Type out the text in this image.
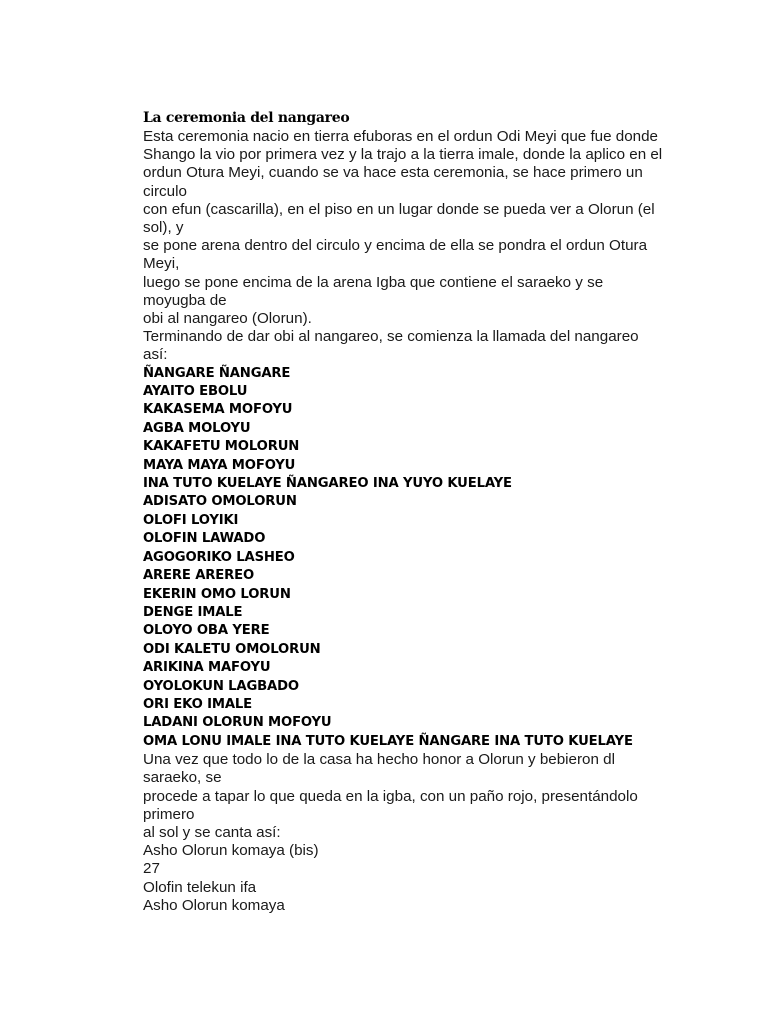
La ceremonia del nangareo

Esta ceremonia nacio en tierra efuboras en el ordun Odi Meyi que fue donde
Shango la vio por primera vez y la trajo a la tierra imale, donde la aplico en el
ordun Otura Meyi, cuando se va hace esta ceremonia, se hace primero un
circulo
con efun (cascarilla), en el piso en un lugar donde se pueda ver a Olorun (el
sol), y
se pone arena dentro del circulo y encima de ella se pondra el ordun Otura
Meyi,
luego se pone encima de la arena Igba que contiene el saraeko y se
moyugba de
obi al nangareo (Olorun).
Terminando de dar obi al nangareo, se comienza la llamada del nangareo
así:

ÑANGARE ÑANGARE
AYAITO EBOLU
KAKASEMA MOFOYU
AGBA MOLOYU
KAKAFETU MOLORUN
MAYA MAYA MOFOYU
INA TUTO KUELAYE ÑANGAREO INA YUYO KUELAYE
ADISATO OMOLORUN
OLOFI LOYIKI
OLOFIN LAWADO
AGOGORIKO LASHEO
ARERE AREREO
EKERIN OMO LORUN
DENGE IMALE
OLOYO OBA YERE
ODI KALETU OMOLORUN
ARIKINA MAFOYU
OYOLOKUN LAGBADO
ORI EKO IMALE
LADANI OLORUN MOFOYU
OMA LONU IMALE INA TUTO KUELAYE ÑANGARE INA TUTO KUELAYE

Una vez que todo lo de la casa ha hecho honor a Olorun y bebieron dl
saraeko, se
procede a tapar lo que queda en la igba, con un paño rojo, presentándolo
primero
al sol y se canta así:

Asho Olorun komaya (bis)
27
Olofin telekun ifa
Asho Olorun komaya
